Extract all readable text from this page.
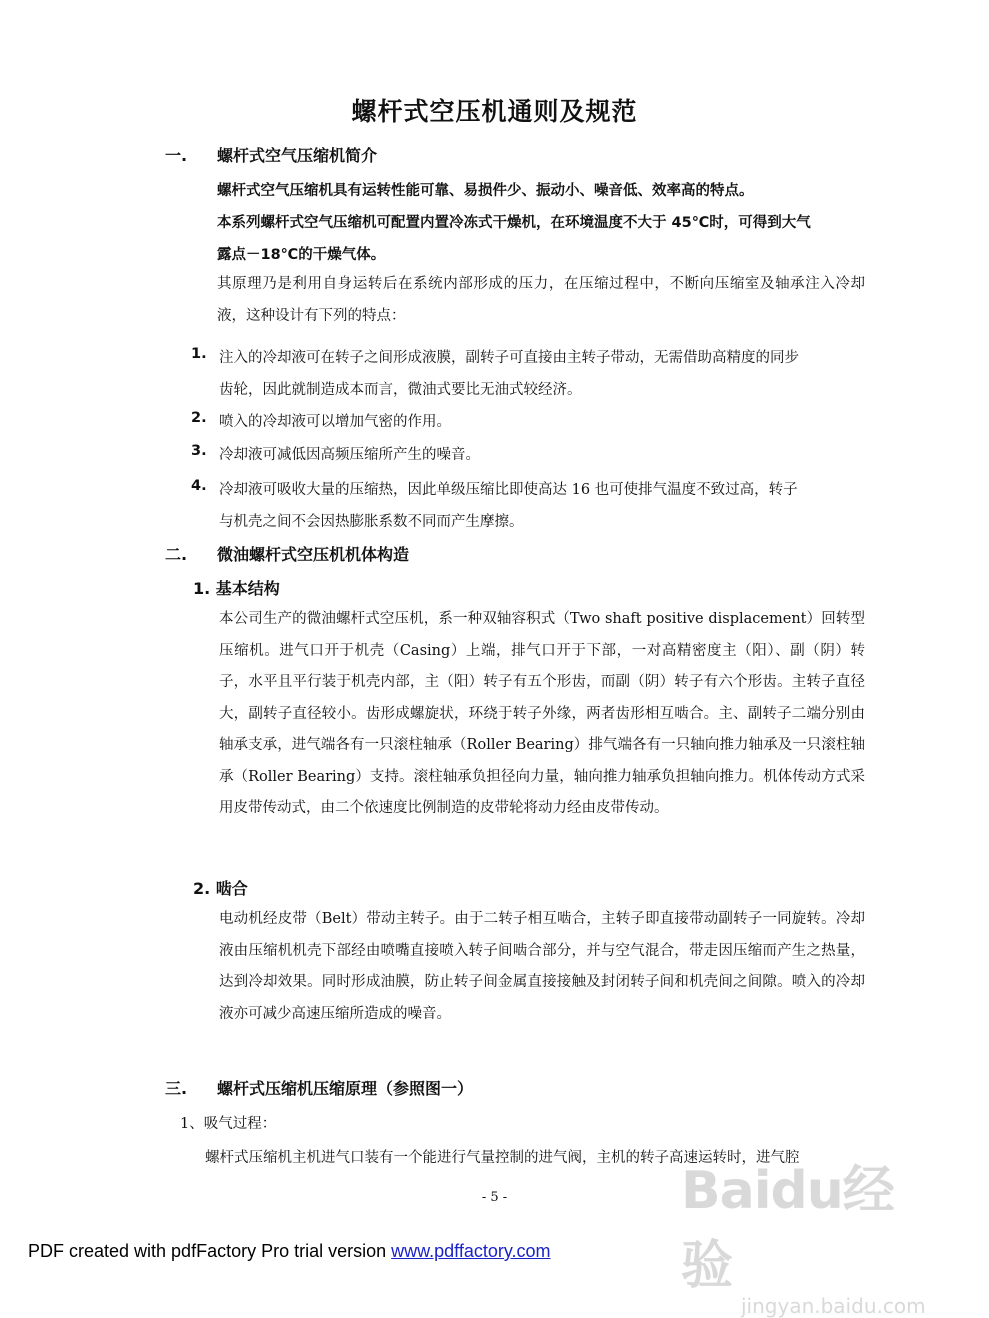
螺杆式空压机通则及规范
一. 螺杆式空气压缩机简介
螺杆式空气压缩机具有运转性能可靠、易损件少、振动小、噪音低、效率高的特点。
本系列螺杆式空气压缩机可配置内置冷冻式干燥机，在环境温度不大于 45℃时，可得到大气
露点－18℃的干燥气体。
其原理乃是利用自身运转后在系统内部形成的压力，在压缩过程中，不断向压缩室及轴承注入冷却液，这种设计有下列的特点：
1. 注入的冷却液可在转子之间形成液膜，副转子可直接由主转子带动，无需借助高精度的同步
齿轮，因此就制造成本而言，微油式要比无油式较经济。
2. 喷入的冷却液可以增加气密的作用。
3. 冷却液可减低因高频压缩所产生的噪音。
4. 冷却液可吸收大量的压缩热，因此单级压缩比即使高达 16 也可使排气温度不致过高，转子
与机壳之间不会因热膨胀系数不同而产生摩擦。
二. 微油螺杆式空压机机体构造
1. 基本结构
本公司生产的微油螺杆式空压机，系一种双轴容积式（Two shaft positive displacement）回转型压缩机。进气口开于机壳（Casing）上端，排气口开于下部，一对高精密度主（阳）、副（阴）转子，水平且平行装于机壳内部，主（阳）转子有五个形齿，而副（阴）转子有六个形齿。主转子直径大，副转子直径较小。齿形成螺旋状，环绕于转子外缘，两者齿形相互啮合。主、副转子二端分别由轴承支承，进气端各有一只滚柱轴承（Roller Bearing）排气端各有一只轴向推力轴承及一只滚柱轴承（Roller Bearing）支持。滚柱轴承负担径向力量，轴向推力轴承负担轴向推力。机体传动方式采用皮带传动式，由二个依速度比例制造的皮带轮将动力经由皮带传动。
2. 啮合
电动机经皮带（Belt）带动主转子。由于二转子相互啮合，主转子即直接带动副转子一同旋转。冷却液由压缩机机壳下部经由喷嘴直接喷入转子间啮合部分，并与空气混合，带走因压缩而产生之热量，达到冷却效果。同时形成油膜，防止转子间金属直接接触及封闭转子间和机壳间之间隙。喷入的冷却液亦可减少高速压缩所造成的噪音。
三. 螺杆式压缩机压缩原理（参照图一）
1、吸气过程：
螺杆式压缩机主机进气口装有一个能进行气量控制的进气阀，主机的转子高速运转时，进气腔
Baidu经验
jingyan.baidu.com
- 5 -
PDF created with pdfFactory Pro trial version www.pdffactory.com
